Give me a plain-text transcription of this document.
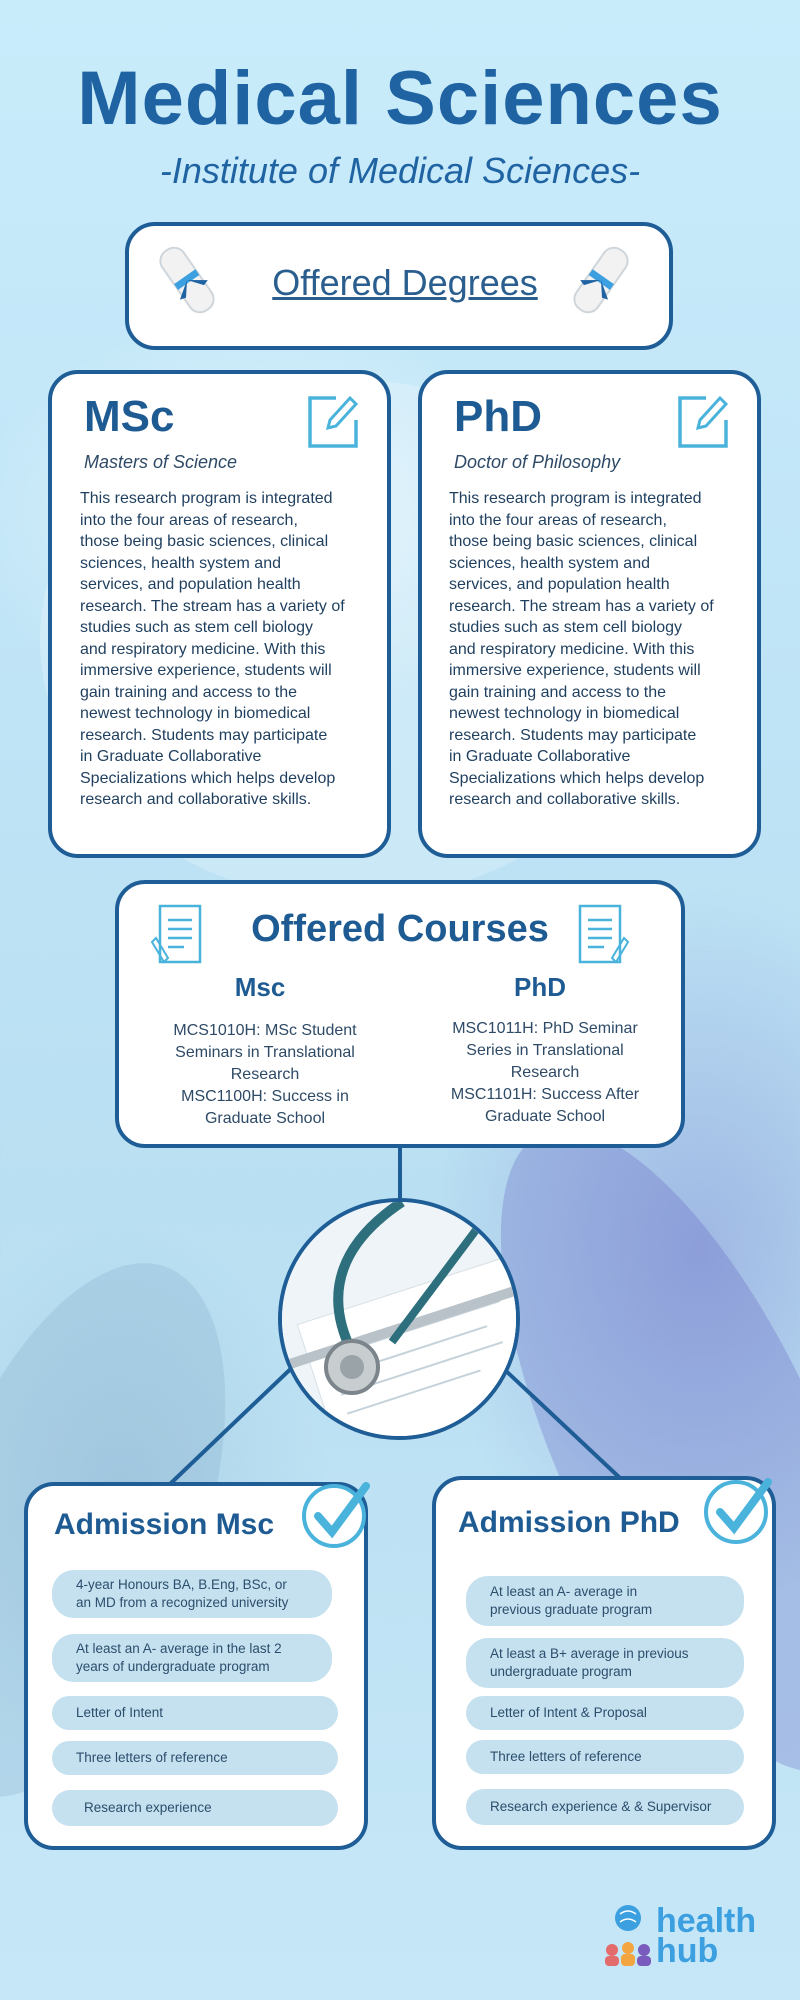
Medical Sciences
-Institute of Medical Sciences-
Offered Degrees
MSc
Masters of Science
This research program is integrated
into the four areas of research,
those being basic sciences, clinical
sciences, health system and
services, and population health
research. The stream has a variety of
studies such as stem cell biology
and respiratory medicine. With this
immersive experience, students will
gain training and access to the
newest technology in biomedical
research. Students may participate
in Graduate Collaborative
Specializations which helps develop
research and collaborative skills.
PhD
Doctor of Philosophy
This research program is integrated
into the four areas of research,
those being basic sciences, clinical
sciences, health system and
services, and population health
research. The stream has a variety of
studies such as stem cell biology
and respiratory medicine. With this
immersive experience, students will
gain training and access to the
newest technology in biomedical
research. Students may participate
in Graduate Collaborative
Specializations which helps develop
research and collaborative skills.
Offered Courses
Msc
MCS1010H: MSc Student
Seminars in Translational
Research
MSC1100H: Success in
Graduate School
PhD
MSC1011H: PhD Seminar
Series in Translational
Research
MSC1101H: Success After
Graduate School
Admission Msc
4-year Honours BA, B.Eng, BSc, or
an MD from a recognized university
At least an A- average in the last 2
years of undergraduate program
Letter of Intent
Three letters of reference
Research experience
Admission PhD
At least an A- average in
previous graduate program
At least a B+ average in previous
undergraduate program
Letter of Intent & Proposal
Three letters of reference
Research experience & & Supervisor
health
hub
